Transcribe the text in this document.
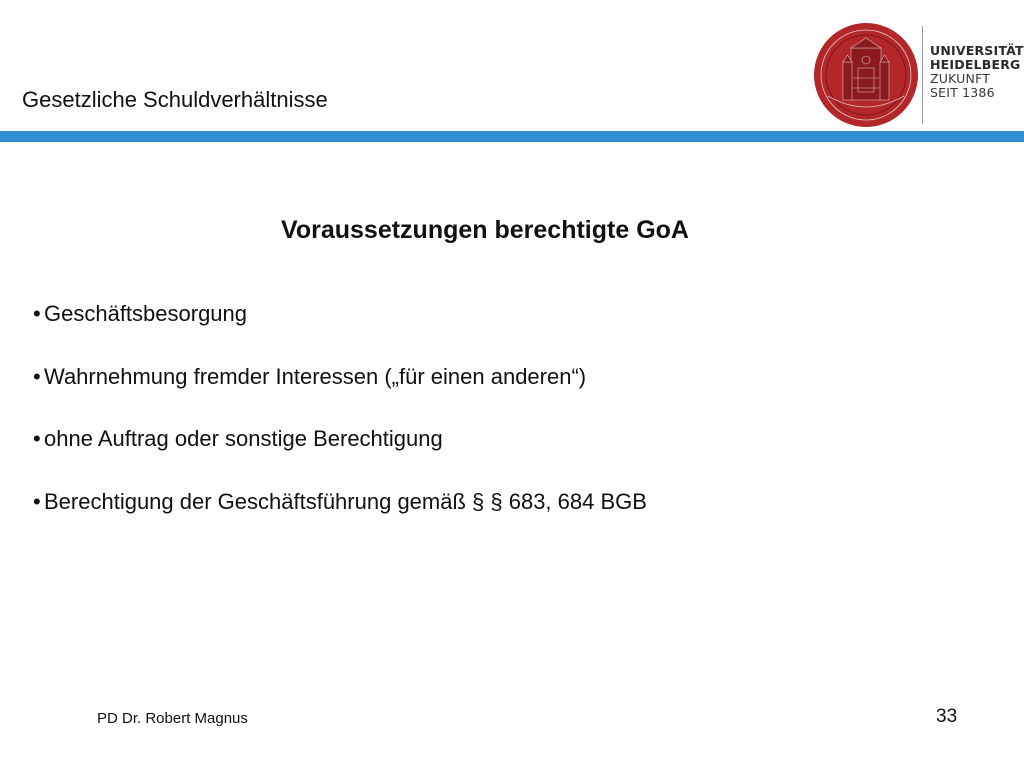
Gesetzliche Schuldverhältnisse
UNIVERSITÄT
HEIDELBERG
ZUKUNFT
SEIT 1386
Voraussetzungen berechtigte GoA
• Geschäftsbesorgung
• Wahrnehmung fremder Interessen („für einen anderen“)
• ohne Auftrag oder sonstige Berechtigung
• Berechtigung der Geschäftsführung gemäß § § 683, 684 BGB
PD Dr. Robert Magnus	33
